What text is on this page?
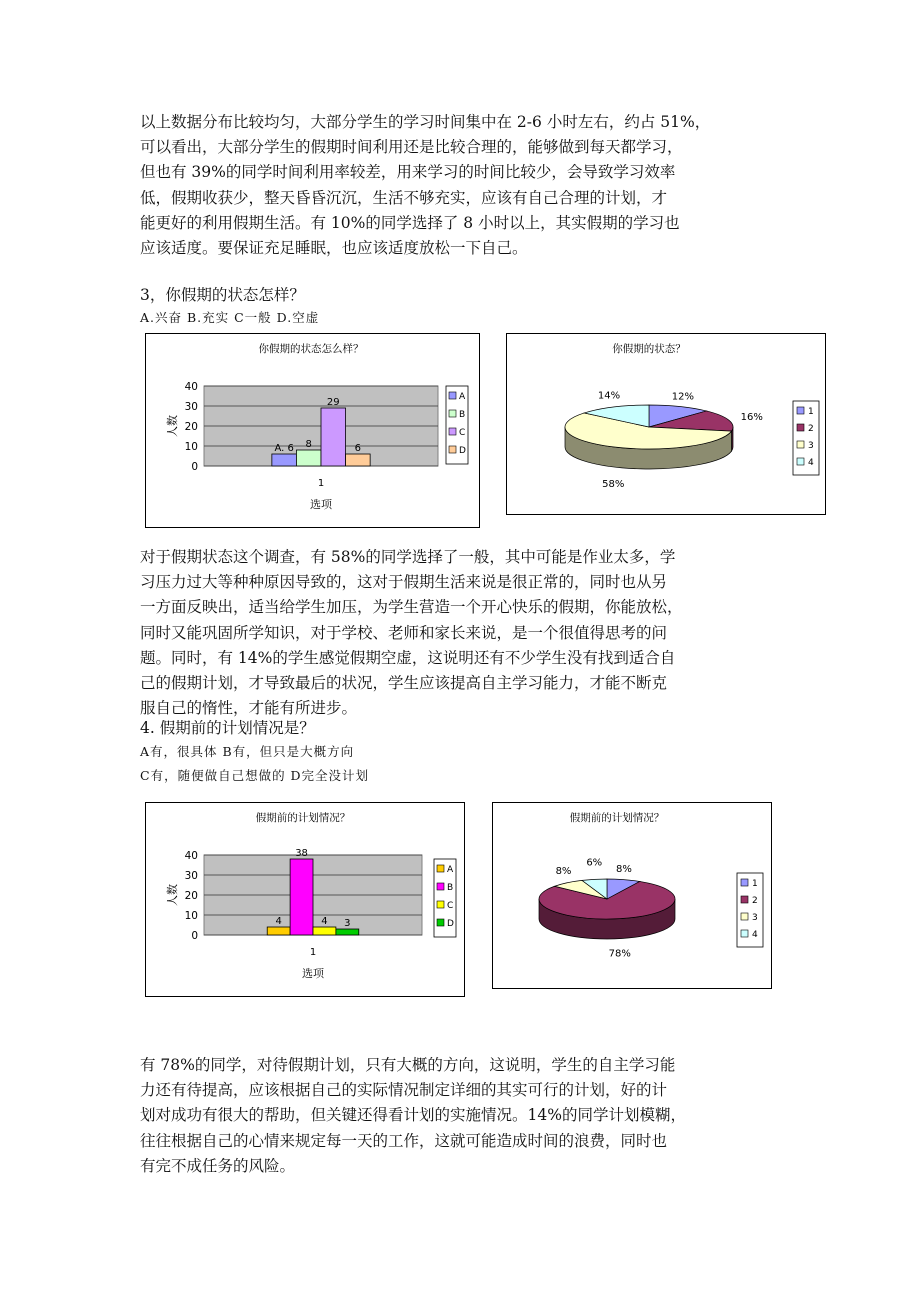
以上数据分布比较均匀，大部分学生的学习时间集中在 2-6 小时左右，约占 51%，
可以看出，大部分学生的假期时间利用还是比较合理的，能够做到每天都学习，
但也有 39%的同学时间利用率较差，用来学习的时间比较少，会导致学习效率
低，假期收获少，整天昏昏沉沉，生活不够充实，应该有自己合理的计划，才
能更好的利用假期生活。有 10%的同学选择了 8 小时以上，其实假期的学习也
应该适度。要保证充足睡眠，也应该适度放松一下自己。
3，你假期的状态怎样？
A.兴奋 B.充实 C一般 D.空虚
你假期的状态怎么样？
0
10
20
30
40
人数
A. 6 8
29
6
1
选项
A
B
C
D
你假期的状态？
12%
16%
58%
14%
1
2
3
4
对于假期状态这个调查，有 58%的同学选择了一般，其中可能是作业太多，学
习压力过大等种种原因导致的，这对于假期生活来说是很正常的，同时也从另
一方面反映出，适当给学生加压，为学生营造一个开心快乐的假期，你能放松，
同时又能巩固所学知识，对于学校、老师和家长来说，是一个很值得思考的问
题。同时，有 14%的学生感觉假期空虚，这说明还有不少学生没有找到适合自
己的假期计划，才导致最后的状况，学生应该提高自主学习能力，才能不断克
服自己的惰性，才能有所进步。
4. 假期前的计划情况是？
A有，很具体 B有，但只是大概方向
C有，随便做自己想做的 D完全没计划
假期前的计划情况？
0
10
20
30
40
人数
4
38
4 3
1
选项
A
B
C
D
假期前的计划情况？
8%
78%
8%
6%
1
2
3
4
有 78%的同学，对待假期计划，只有大概的方向，这说明，学生的自主学习能
力还有待提高，应该根据自己的实际情况制定详细的其实可行的计划，好的计
划对成功有很大的帮助，但关键还得看计划的实施情况。14%的同学计划模糊，
往往根据自己的心情来规定每一天的工作，这就可能造成时间的浪费，同时也
有完不成任务的风险。
